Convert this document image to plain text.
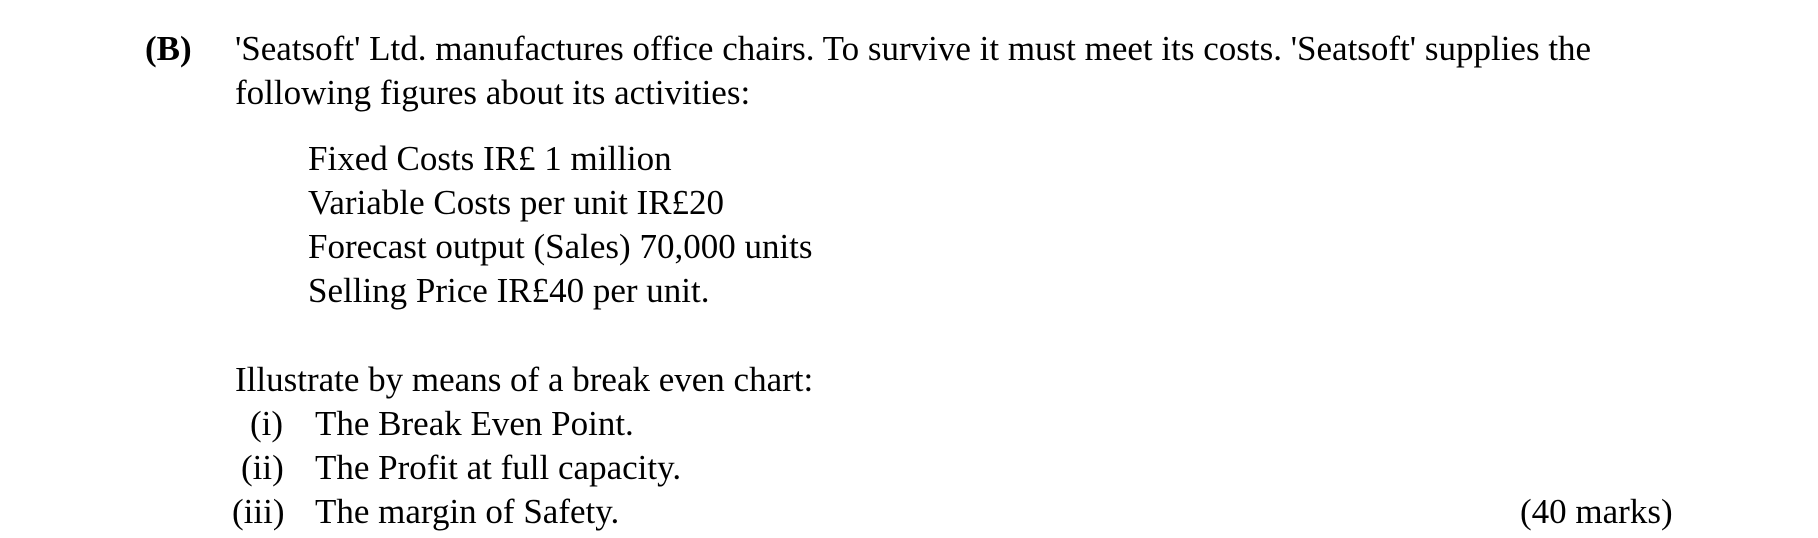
(B) 'Seatsoft' Ltd. manufactures office chairs. To survive it must meet its costs. 'Seatsoft' supplies the
following figures about its activities:
Fixed Costs IR£ 1 million
Variable Costs per unit IR£20
Forecast output (Sales) 70,000 units
Selling Price IR£40 per unit.
Illustrate by means of a break even chart:
(i) The Break Even Point.
(ii) The Profit at full capacity.
(iii) The margin of Safety.	(40 marks)
